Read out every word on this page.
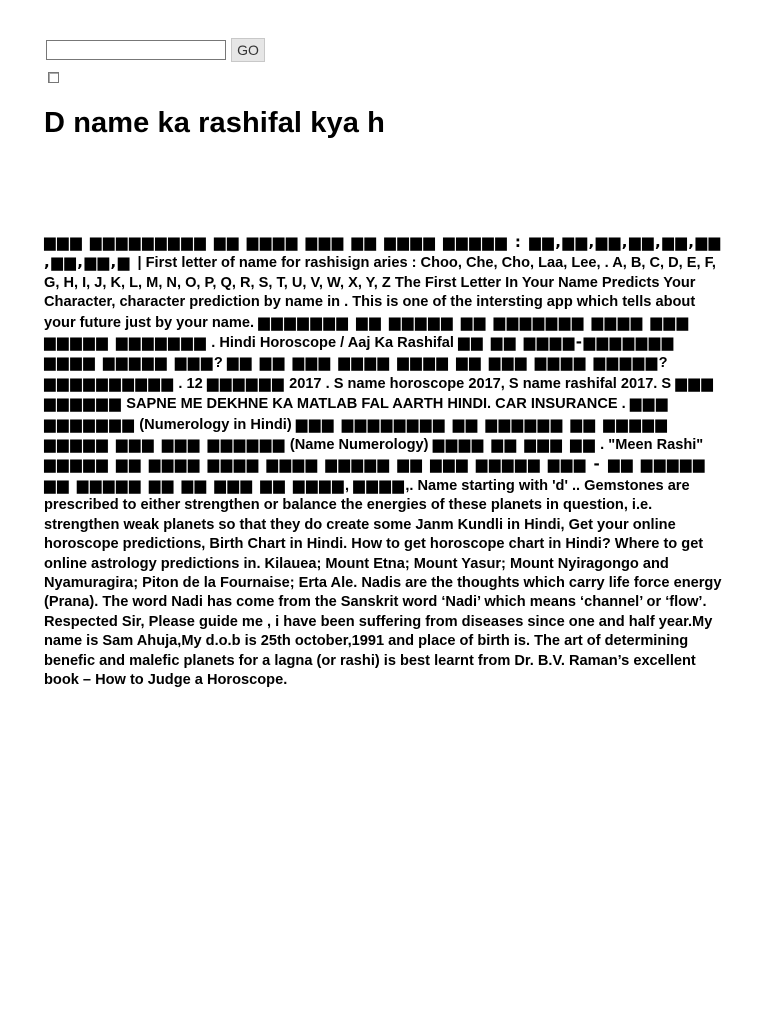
GO
D name ka rashifal kya h
▆▆▆ ▆▆▆▆▆▆▆▆▆ ▆▆ ▆▆▆▆ ▆▆▆ ▆▆ ▆▆▆▆ ▆▆▆▆▆ : ▆▆,▆▆,▆▆,▆▆,▆▆,▆▆ ,▆▆,▆▆,▆ | First letter of name for rashisign aries : Choo, Che, Cho, Laa, Lee, . A, B, C, D, E, F, G, H, I, J, K, L, M, N, O, P, Q, R, S, T, U, V, W, X, Y, Z The First Letter In Your Name Predicts Your Character, character prediction by name in . This is one of the intersting app which tells about your future just by your name. ▆▆▆▆▆▆▆ ▆▆ ▆▆▆▆▆ ▆▆ ▆▆▆▆▆▆▆ ▆▆▆▆ ▆▆▆ ▆▆▆▆▆ ▆▆▆▆▆▆▆ . Hindi Horoscope / Aaj Ka Rashifal ▆▆ ▆▆ ▆▆▆▆-▆▆▆▆▆▆▆ ▆▆▆▆ ▆▆▆▆▆ ▆▆▆? ▆▆ ▆▆ ▆▆▆ ▆▆▆▆ ▆▆▆▆ ▆▆ ▆▆▆ ▆▆▆▆ ▆▆▆▆▆? ▆▆▆▆▆▆▆▆▆▆ . 12 ▆▆▆▆▆▆ 2017 . S name horoscope 2017, S name rashifal 2017. S ▆▆▆ ▆▆▆▆▆▆ SAPNE ME DEKHNE KA MATLAB FAL AARTH HINDI. CAR INSURANCE . ▆▆▆ ▆▆▆▆▆▆▆ (Numerology in Hindi) ▆▆▆ ▆▆▆▆▆▆▆▆ ▆▆ ▆▆▆▆▆▆ ▆▆ ▆▆▆▆▆ ▆▆▆▆▆ ▆▆▆ ▆▆▆ ▆▆▆▆▆▆ (Name Numerology) ▆▆▆▆ ▆▆ ▆▆▆ ▆▆ . "Meen Rashi" ▆▆▆▆▆ ▆▆ ▆▆▆▆ ▆▆▆▆ ▆▆▆▆ ▆▆▆▆▆ ▆▆ ▆▆▆ ▆▆▆▆▆ ▆▆▆ - ▆▆ ▆▆▆▆▆ ▆▆ ▆▆▆▆▆ ▆▆ ▆▆ ▆▆▆ ▆▆ ▆▆▆▆, ▆▆▆▆,. Name starting with 'd' .. Gemstones are prescribed to either strengthen or balance the energies of these planets in question, i.e. strengthen weak planets so that they do create some Janm Kundli in Hindi, Get your online horoscope predictions, Birth Chart in Hindi. How to get horoscope chart in Hindi? Where to get online astrology predictions in. Kilauea; Mount Etna; Mount Yasur; Mount Nyiragongo and Nyamuragira; Piton de la Fournaise; Erta Ale. Nadis are the thoughts which carry life force energy (Prana). The word Nadi has come from the Sanskrit word ‘Nadi’ which means ‘channel’ or ‘flow’. Respected Sir, Please guide me , i have been suffering from diseases since one and half year.My name is Sam Ahuja,My d.o.b is 25th october,1991 and place of birth is. The art of determining benefic and malefic planets for a lagna (or rashi) is best learnt from Dr. B.V. Raman’s excellent book – How to Judge a Horoscope.
